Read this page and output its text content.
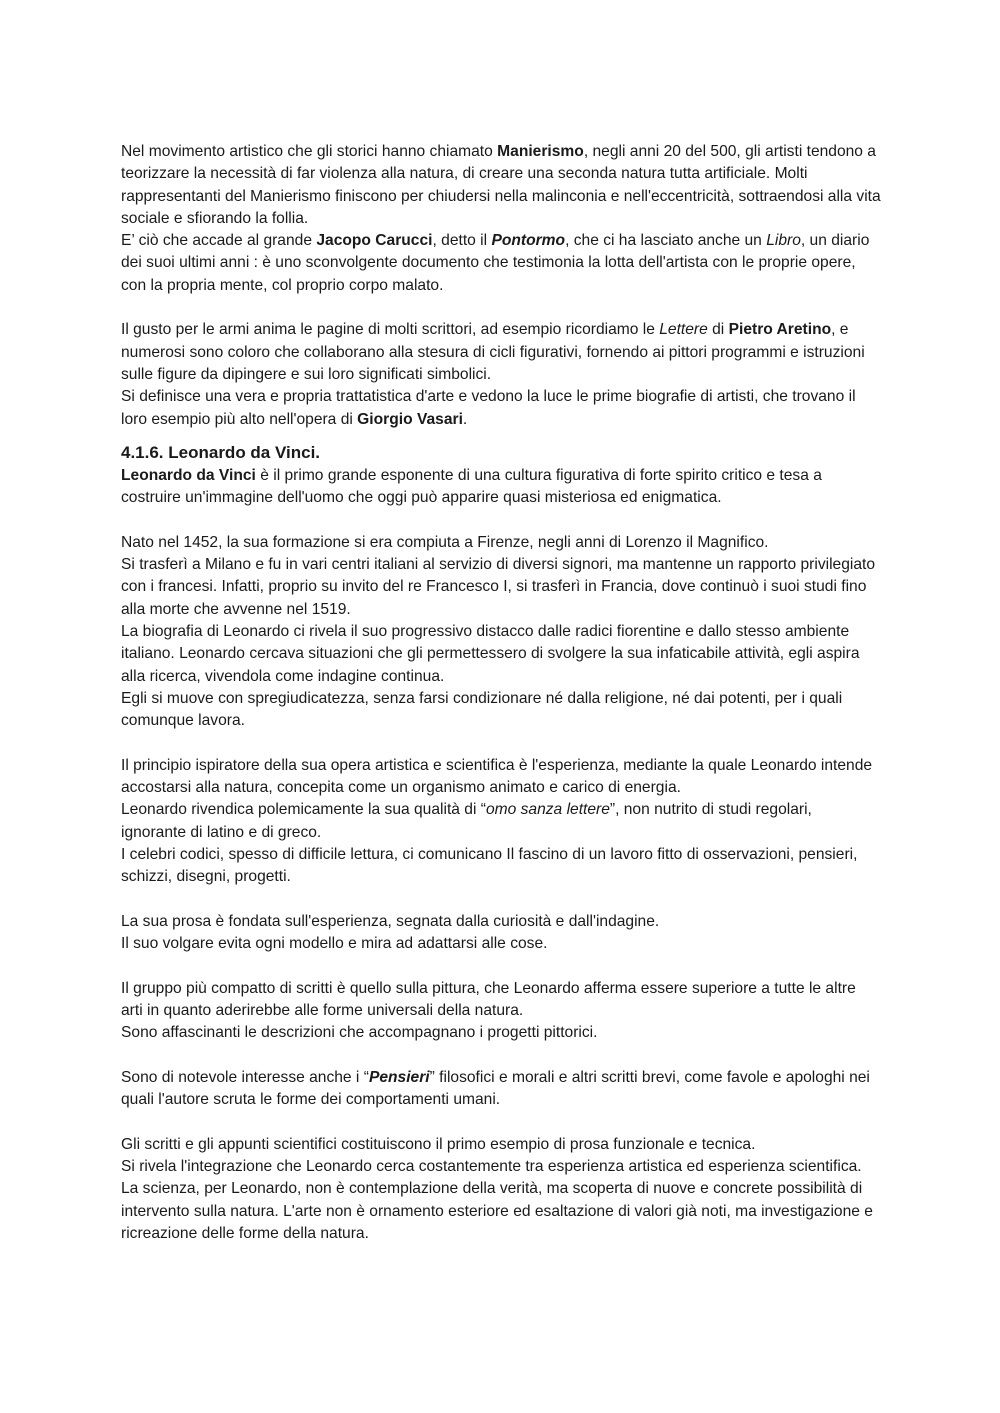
Nel movimento artistico che gli storici hanno chiamato Manierismo, negli anni 20 del 500, gli artisti tendono a teorizzare la necessità di far violenza alla natura, di creare una seconda natura tutta artificiale. Molti rappresentanti del Manierismo finiscono per chiudersi nella malinconia e nell'eccentricità, sottraendosi alla vita sociale e sfiorando la follia.

E’ ciò che accade al grande Jacopo Carucci, detto il Pontormo, che ci ha lasciato anche un Libro, un diario dei suoi ultimi anni : è uno sconvolgente documento che testimonia la lotta dell'artista con le proprie opere, con la propria mente, col proprio corpo malato.

Il gusto per le armi anima le pagine di molti scrittori, ad esempio ricordiamo le Lettere di Pietro Aretino, e numerosi sono coloro che collaborano alla stesura di cicli figurativi, fornendo ai pittori programmi e istruzioni sulle figure da dipingere e sui loro significati simbolici.

Si definisce una vera e propria trattatistica d'arte e vedono la luce le prime biografie di artisti, che trovano il loro esempio più alto nell'opera di Giorgio Vasari.

4.1.6. Leonardo da Vinci.

Leonardo da Vinci è il primo grande esponente di una cultura figurativa di forte spirito critico e tesa a costruire un'immagine dell'uomo che oggi può apparire quasi misteriosa ed enigmatica.

Nato nel 1452, la sua formazione si era compiuta a Firenze, negli anni di Lorenzo il Magnifico.

Si trasferì a Milano e fu in vari centri italiani al servizio di diversi signori, ma mantenne un rapporto privilegiato con i francesi. Infatti, proprio su invito del re Francesco I, si trasferì in Francia, dove continuò i suoi studi fino alla morte che avvenne nel 1519.

La biografia di Leonardo ci rivela il suo progressivo distacco dalle radici fiorentine e dallo stesso ambiente italiano. Leonardo cercava situazioni che gli permettessero di svolgere la sua infaticabile attività, egli aspira alla ricerca, vivendola come indagine continua.

Egli si muove con spregiudicatezza, senza farsi condizionare né dalla religione, né dai potenti, per i quali comunque lavora.

Il principio ispiratore della sua opera artistica e scientifica è l'esperienza, mediante la quale Leonardo intende accostarsi alla natura, concepita come un organismo animato e carico di energia.

Leonardo rivendica polemicamente la sua qualità di “omo sanza lettere”, non nutrito di studi regolari, ignorante di latino e di greco.

I celebri codici, spesso di difficile lettura, ci comunicano Il fascino di un lavoro fitto di osservazioni, pensieri, schizzi, disegni, progetti.

La sua prosa è fondata sull'esperienza, segnata dalla curiosità e dall'indagine.

Il suo volgare evita ogni modello e mira ad adattarsi alle cose.

Il gruppo più compatto di scritti è quello sulla pittura, che Leonardo afferma essere superiore a tutte le altre arti in quanto aderirebbe alle forme universali della natura.

Sono affascinanti le descrizioni che accompagnano i progetti pittorici.

Sono di notevole interesse anche i “Pensieri” filosofici e morali e altri scritti brevi, come favole e apologhi nei quali l'autore scruta le forme dei comportamenti umani.

Gli scritti e gli appunti scientifici costituiscono il primo esempio di prosa funzionale e tecnica.

Si rivela l'integrazione che Leonardo cerca costantemente tra esperienza artistica ed esperienza scientifica.

La scienza, per Leonardo, non è contemplazione della verità, ma scoperta di nuove e concrete possibilità di intervento sulla natura. L'arte non è ornamento esteriore ed esaltazione di valori già noti, ma investigazione e ricreazione delle forme della natura.
